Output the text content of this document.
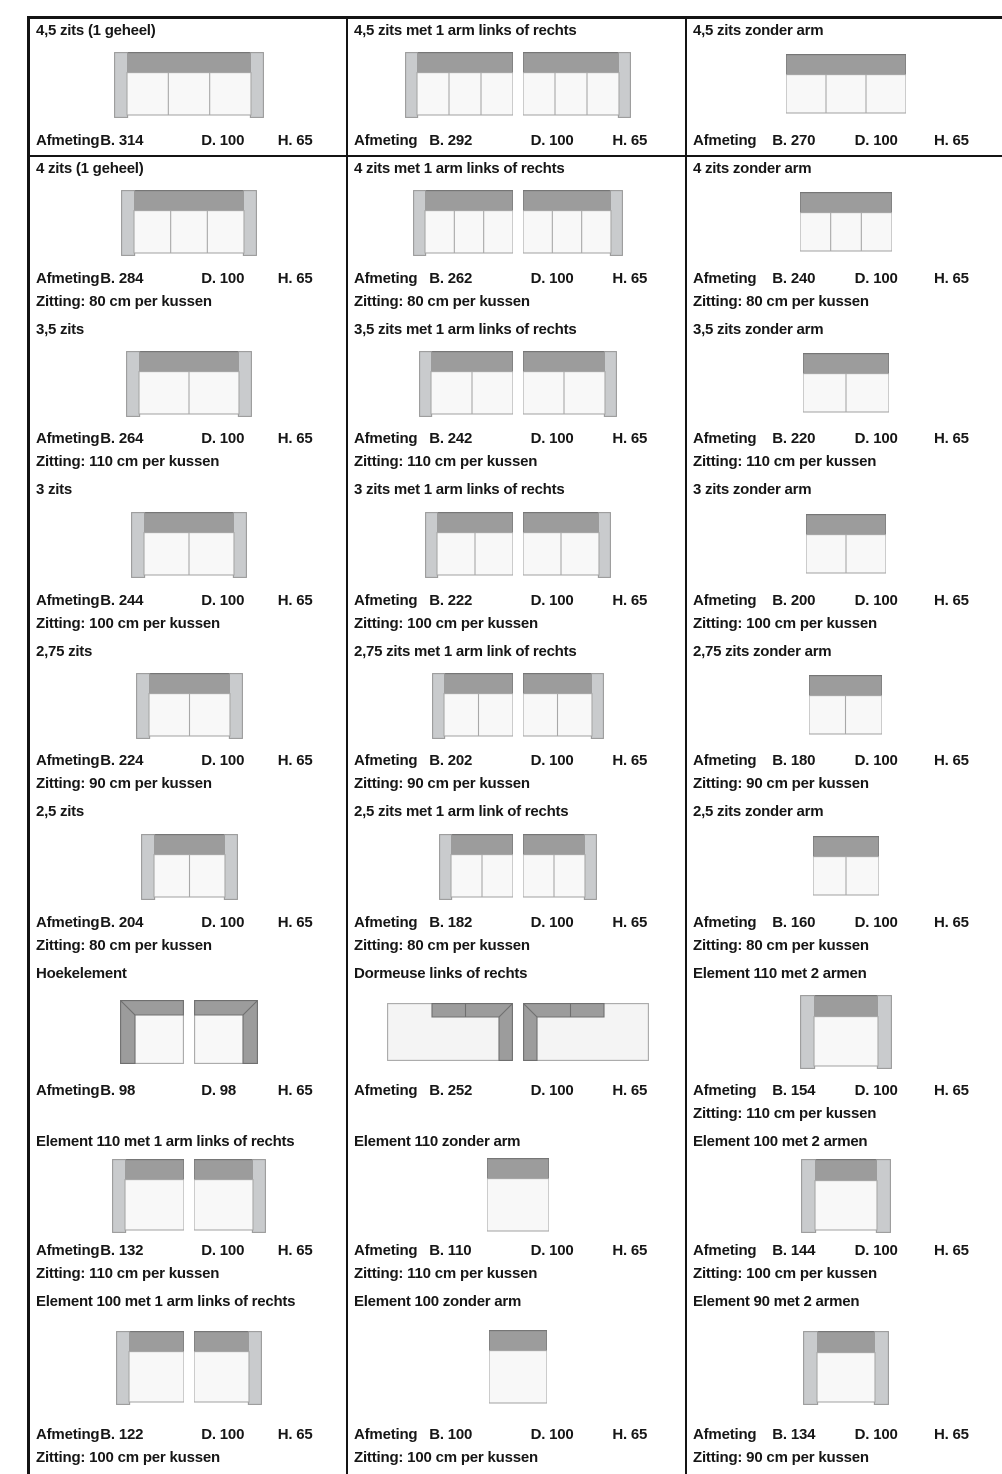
4,5 zits (1 geheel)
Afmeting B. 314	D. 100	H. 65
4,5 zits met 1 arm links of rechts
Afmeting B. 292	D. 100	H. 65
4,5 zits zonder arm
Afmeting	B. 270	D. 100	H. 65
4 zits (1 geheel)
Afmeting B. 284	D. 100	H. 65
Zitting: 80 cm per kussen
4 zits met 1 arm links of rechts
Afmeting B. 262	D. 100	H. 65
Zitting: 80 cm per kussen
4 zits zonder arm
Afmeting	B. 240	D. 100	H. 65
Zitting: 80 cm per kussen
3,5 zits
Afmeting B. 264	D. 100	H. 65
Zitting: 110 cm per kussen
3,5 zits met 1 arm links of rechts
Afmeting B. 242	D. 100	H. 65
Zitting: 110 cm per kussen
3,5 zits zonder arm
Afmeting	B. 220	D. 100	H. 65
Zitting: 110 cm per kussen
3 zits
Afmeting B. 244	D. 100	H. 65
Zitting: 100 cm per kussen
3 zits met 1 arm links of rechts
Afmeting B. 222	D. 100	H. 65
Zitting: 100 cm per kussen
3 zits zonder arm
Afmeting	B. 200	D. 100	H. 65
Zitting: 100 cm per kussen
2,75 zits
Afmeting B. 224	D. 100	H. 65
Zitting: 90 cm per kussen
2,75 zits met 1 arm link of rechts
Afmeting B. 202	D. 100	H. 65
Zitting: 90 cm per kussen
2,75 zits zonder arm
Afmeting	B. 180	D. 100	H. 65
Zitting: 90 cm per kussen
2,5 zits
Afmeting B. 204	D. 100	H. 65
Zitting: 80 cm per kussen
2,5 zits met 1 arm link of rechts
Afmeting B. 182	D. 100	H. 65
Zitting: 80 cm per kussen
2,5 zits zonder arm
Afmeting	B. 160	D. 100	H. 65
Zitting: 80 cm per kussen
Hoekelement
Afmeting B. 98	D. 98	H. 65
Dormeuse links of rechts
Afmeting B. 252	D. 100	H. 65
Element 110 met 2 armen
Afmeting	B. 154	D. 100	H. 65
Zitting: 110 cm per kussen
Element 110 met 1 arm links of rechts
Afmeting B. 132	D. 100	H. 65
Zitting: 110 cm per kussen
Element 110 zonder arm
Afmeting B. 110	D. 100	H. 65
Zitting: 110 cm per kussen
Element 100 met 2 armen
Afmeting	B. 144	D. 100	H. 65
Zitting: 100 cm per kussen
Element 100 met 1 arm links of rechts
Afmeting B. 122	D. 100	H. 65
Zitting: 100 cm per kussen
Element 100 zonder arm
Afmeting B. 100	D. 100	H. 65
Zitting: 100 cm per kussen
Element 90 met 2 armen
Afmeting	B. 134	D. 100	H. 65
Zitting: 90 cm per kussen
